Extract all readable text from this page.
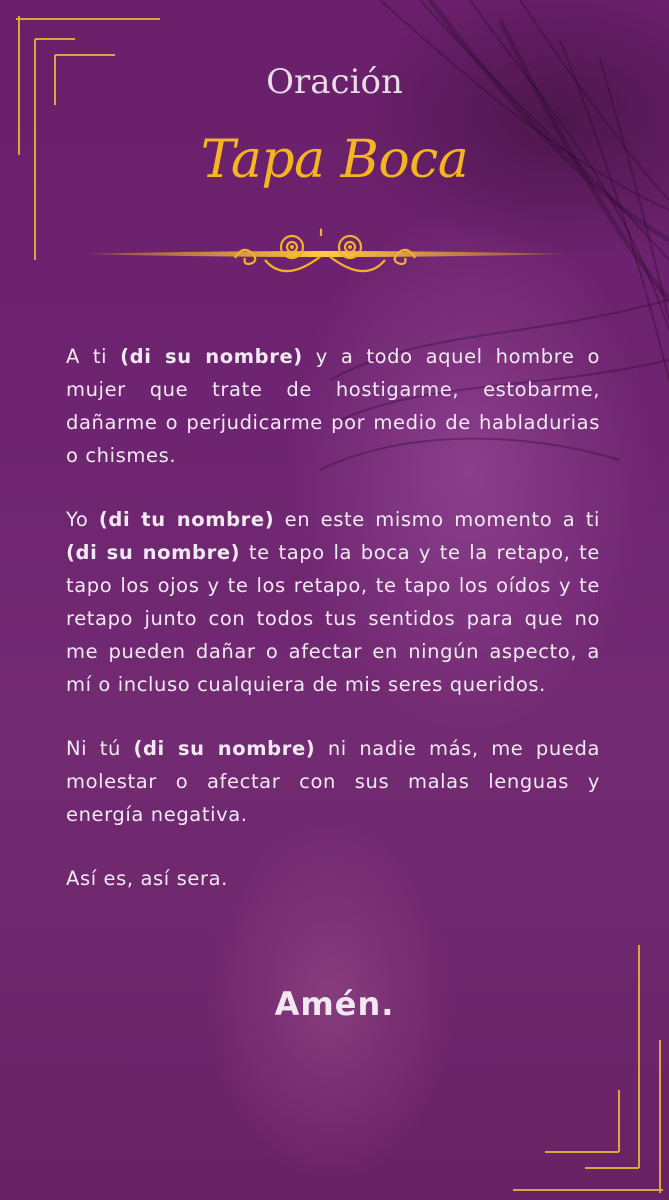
Oración
Tapa Boca

A ti (di su nombre) y a todo aquel hombre o mujer que trate de hostigarme, estobarme, dañarme o perjudicarme por medio de habladurias o chismes.

Yo (di tu nombre) en este mismo momento a ti (di su nombre) te tapo la boca y te la retapo, te tapo los ojos y te los retapo, te tapo los oídos y te retapo junto con todos tus sentidos para que no me pueden dañar o afectar en ningún aspecto, a mí o incluso cualquiera de mis seres queridos.

Ni tú (di su nombre) ni nadie más, me pueda molestar o afectar con sus malas lenguas y energía negativa.

Así es, así sera.

Amén.
